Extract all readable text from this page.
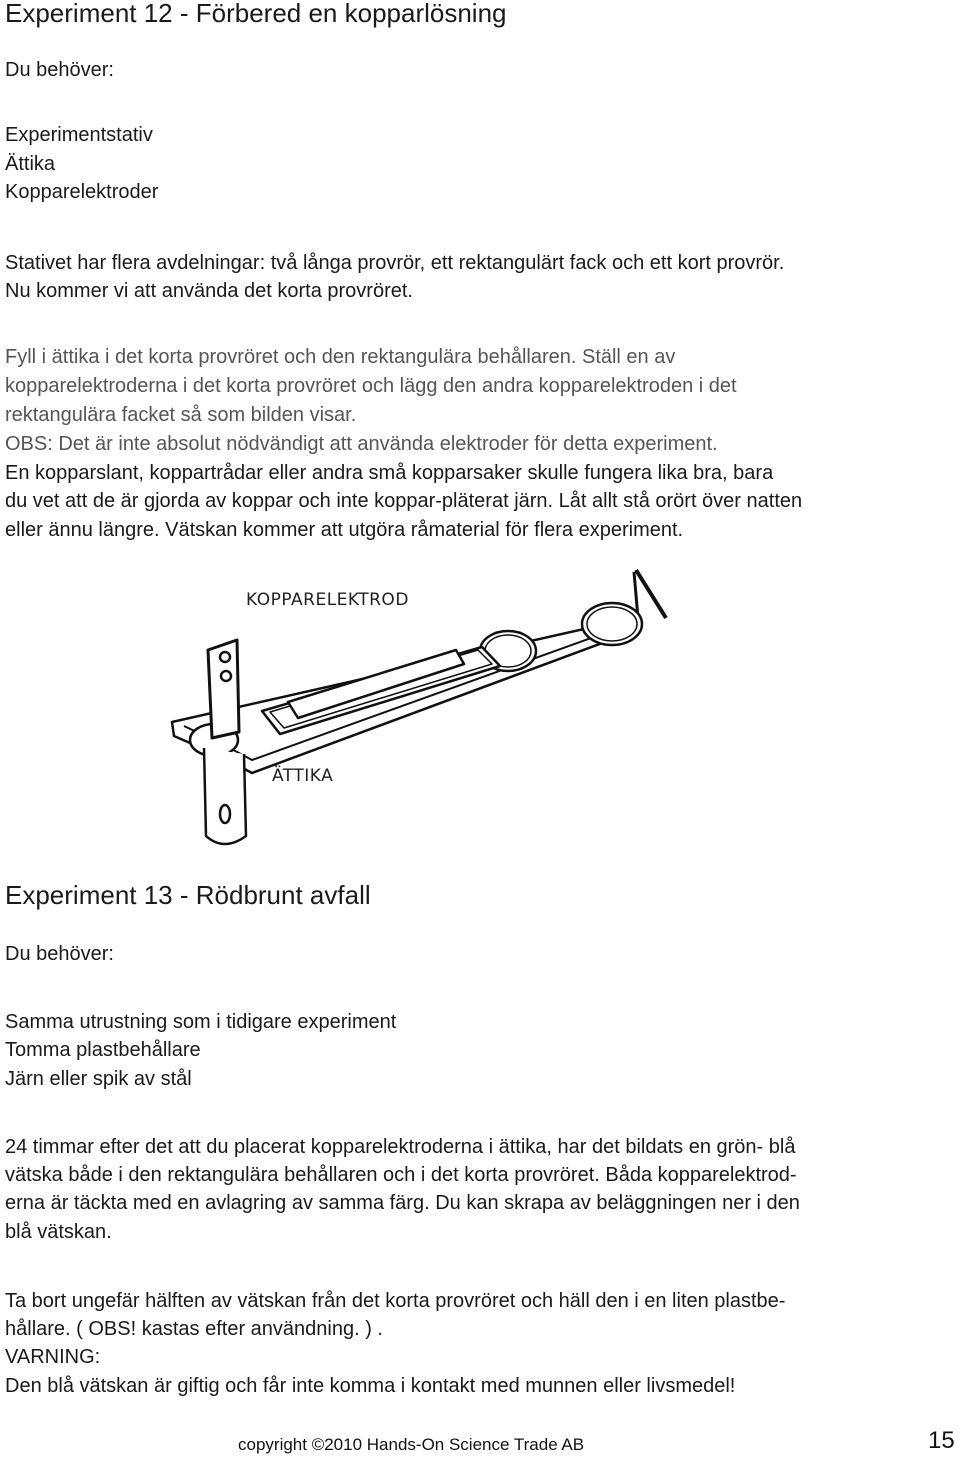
Experiment 12 - Förbered en kopparlösning
Du behöver:
Experimentstativ
Ättika
Kopparelektroder
Stativet har flera avdelningar: två långa provrör, ett rektangulärt fack och ett kort provrör.
Nu kommer vi att använda det korta provröret.
Fyll i ättika i det korta provröret och den rektangulära behållaren. Ställ en av
kopparelektroderna i det korta provröret och lägg den andra kopparelektroden i det
rektangulära facket så som bilden visar.
OBS: Det är inte absolut nödvändigt att använda elektroder för detta experiment.
En kopparslant, koppartrådar eller andra små kopparsaker skulle fungera lika bra, bara
du vet att de är gjorda av koppar och inte koppar-pläterat järn. Låt allt stå orört över natten
eller ännu längre. Vätskan kommer att utgöra råmaterial för flera experiment.
KOPPARELEKTROD
ÄTTIKA
Experiment 13 - Rödbrunt avfall
Du behöver:
Samma utrustning som i tidigare experiment
Tomma plastbehållare
Järn eller spik av stål
24 timmar efter det att du placerat kopparelektroderna i ättika, har det bildats en grön- blå
vätska både i den rektangulära behållaren och i det korta provröret. Båda kopparelektrod-
erna är täckta med en avlagring av samma färg. Du kan skrapa av beläggningen ner i den
blå vätskan.
Ta bort ungefär hälften av vätskan från det korta provröret och häll den i en liten plastbe-
hållare. ( OBS! kastas efter användning. ) .
VARNING:
Den blå vätskan är giftig och får inte komma i kontakt med munnen eller livsmedel!
copyright ©2010 Hands-On Science Trade AB	15
